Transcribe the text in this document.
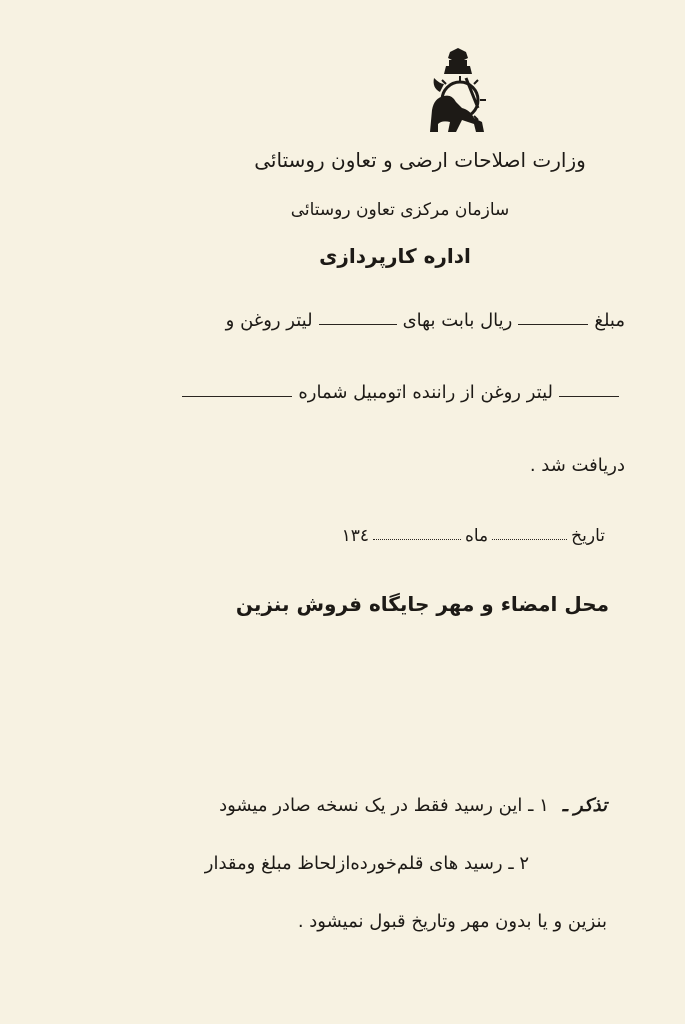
وزارت اصلاحات ارضی و تعاون روستائی
سازمان مرکزی تعاون روستائی
اداره کارپردازی
مبلغ
ریال بابت بهای
لیتر روغن و
لیتر روغن از راننده اتومبیل شماره
دریافت شد .
تاریخ
ماه
۱۳٤
محل امضاء و مهر جایگاه فروش بنزین
تذکر ـ ۱ ـ این رسید فقط در یک نسخه صادر میشود
۲ ـ رسید های قلم‌خورده‌ازلحاظ مبلغ ومقدار
بنزین و یا بدون مهر وتاریخ قبول نمیشود .
